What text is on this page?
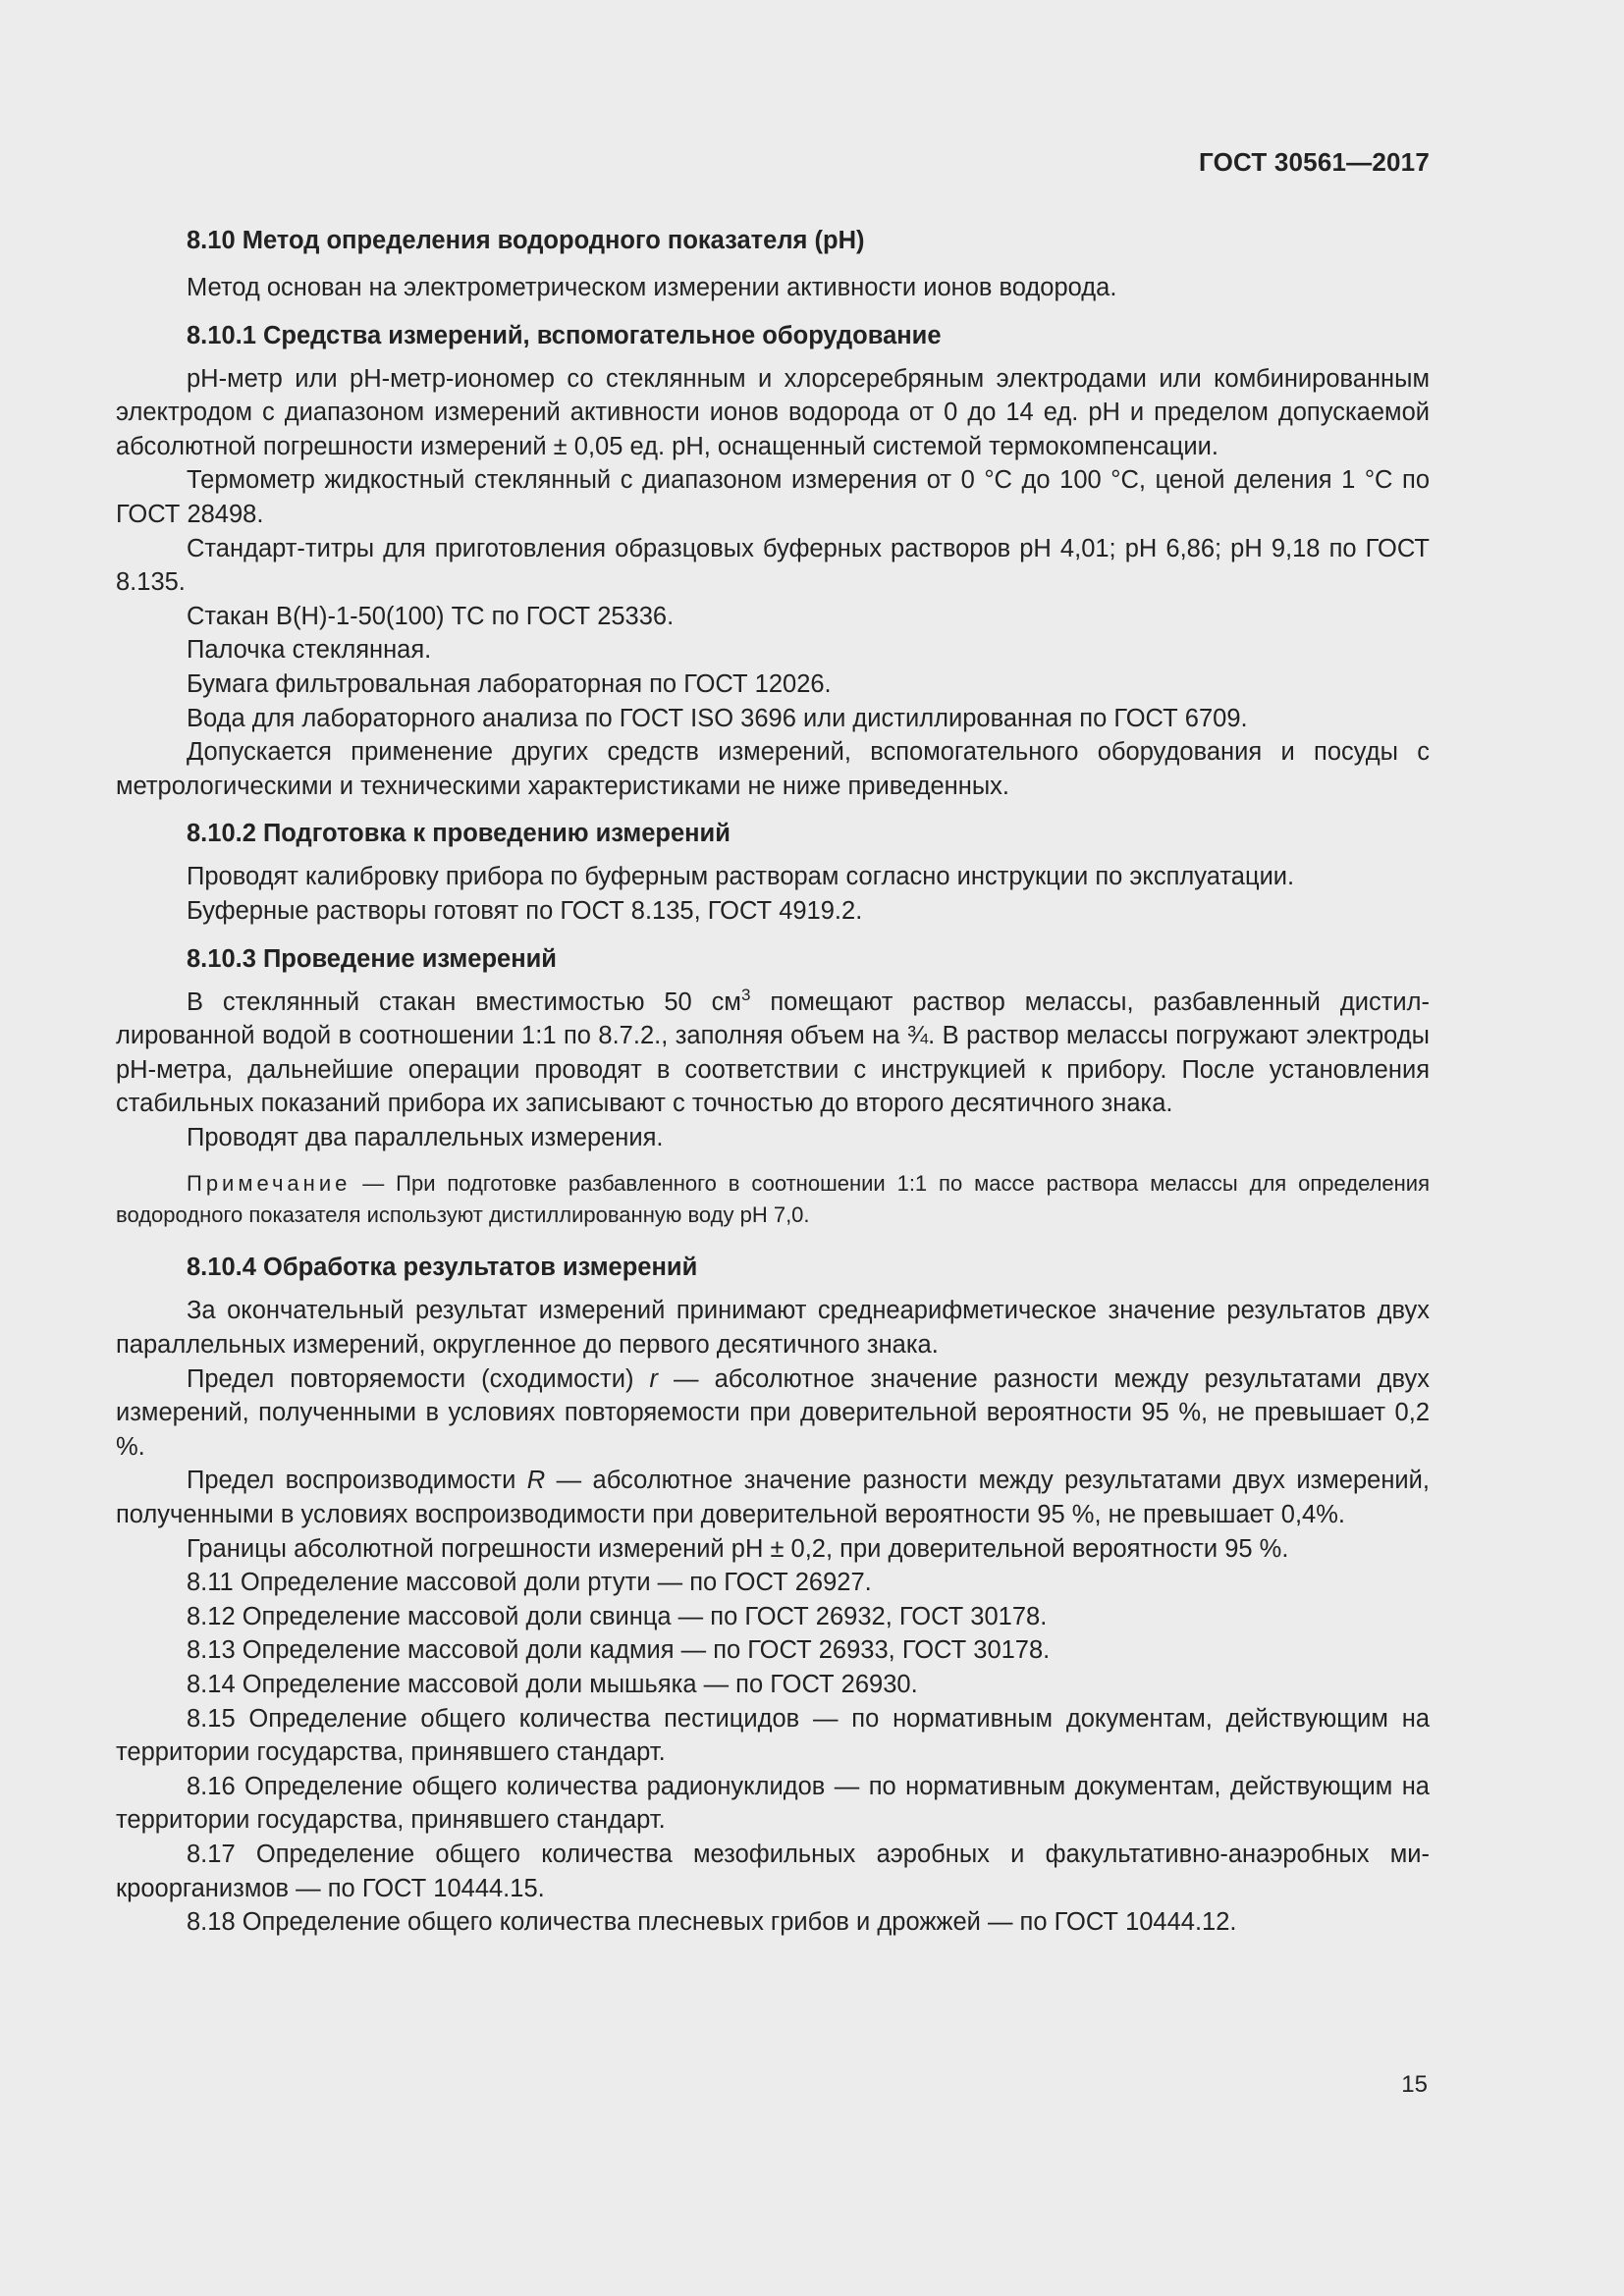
ГОСТ 30561—2017
8.10 Метод определения водородного показателя (рН)

Метод основан на электрометрическом измерении активности ионов водорода.

8.10.1 Средства измерений, вспомогательное оборудование

рН-метр или рН-метр-иономер со стеклянным и хлорсеребряным электродами или комбинированным электродом с диапазоном измерений активности ионов водорода от 0 до 14 ед. рН и пределом допускаемой абсолютной погрешности измерений ± 0,05 ед. рН, оснащенный системой термокомпенсации.

Термометр жидкостный стеклянный с диапазоном измерения от 0 °С до 100 °С, ценой деления 1 °С по ГОСТ 28498.

Стандарт-титры для приготовления образцовых буферных растворов рН 4,01; рН 6,86; рН 9,18 по ГОСТ 8.135.

Стакан В(Н)-1-50(100) ТС по ГОСТ 25336.

Палочка стеклянная.

Бумага фильтровальная лабораторная по ГОСТ 12026.

Вода для лабораторного анализа по ГОСТ ISO 3696 или дистиллированная по ГОСТ 6709.

Допускается применение других средств измерений, вспомогательного оборудования и посуды с метрологическими и техническими характеристиками не ниже приведенных.

8.10.2 Подготовка к проведению измерений

Проводят калибровку прибора по буферным растворам согласно инструкции по эксплуатации.

Буферные растворы готовят по ГОСТ 8.135, ГОСТ 4919.2.

8.10.3 Проведение измерений

В стеклянный стакан вместимостью 50 $см^3$ помещают раствор мелассы, разбавленный дистиллированной водой в соотношении 1:1 по 8.7.2., заполняя объем на ¾. В раствор мелассы погружают электроды рН-метра, дальнейшие операции проводят в соответствии с инструкцией к прибору. После установления стабильных показаний прибора их записывают с точностью до второго десятичного знака.

Проводят два параллельных измерения.

Примечание — При подготовке разбавленного в соотношении 1:1 по массе раствора мелассы для определения водородного показателя используют дистиллированную воду рН 7,0.

8.10.4 Обработка результатов измерений

За окончательный результат измерений принимают среднеарифметическое значение результатов двух параллельных измерений, округленное до первого десятичного знака.

Предел повторяемости (сходимости) r — абсолютное значение разности между результатами двух измерений, полученными в условиях повторяемости при доверительной вероятности 95 %, не превышает 0,2 %.

Предел воспроизводимости R — абсолютное значение разности между результатами двух измерений, полученными в условиях воспроизводимости при доверительной вероятности 95 %, не превышает 0,4%.

Границы абсолютной погрешности измерений рН ± 0,2, при доверительной вероятности 95 %.

8.11 Определение массовой доли ртути — по ГОСТ 26927.

8.12 Определение массовой доли свинца — по ГОСТ 26932, ГОСТ 30178.

8.13 Определение массовой доли кадмия — по ГОСТ 26933, ГОСТ 30178.

8.14 Определение массовой доли мышьяка — по ГОСТ 26930.

8.15 Определение общего количества пестицидов — по нормативным документам, действующим на территории государства, принявшего стандарт.

8.16 Определение общего количества радионуклидов — по нормативным документам, действующим на территории государства, принявшего стандарт.

8.17 Определение общего количества мезофильных аэробных и факультативно-анаэробных микроорганизмов — по ГОСТ 10444.15.

8.18 Определение общего количества плесневых грибов и дрожжей — по ГОСТ 10444.12.

15
